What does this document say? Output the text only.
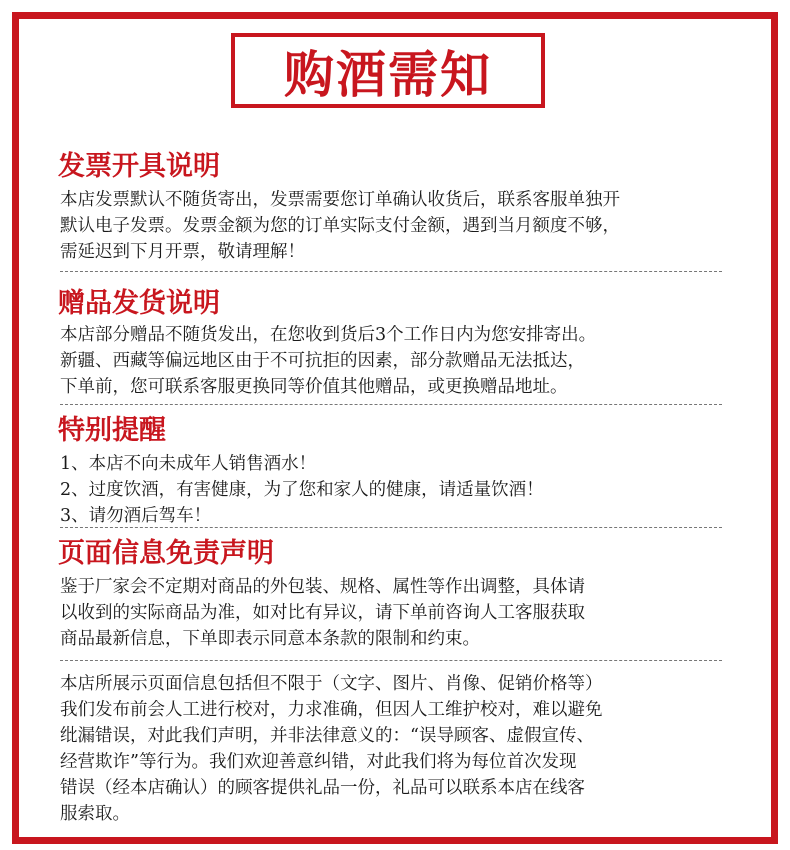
购酒需知
发票开具说明
本店发票默认不随货寄出，发票需要您订单确认收货后，联系客服单独开
默认电子发票。发票金额为您的订单实际支付金额，遇到当月额度不够，
需延迟到下月开票，敬请理解！
赠品发货说明
本店部分赠品不随货发出，在您收到货后3个工作日内为您安排寄出。
新疆、西藏等偏远地区由于不可抗拒的因素，部分款赠品无法抵达，
下单前，您可联系客服更换同等价值其他赠品，或更换赠品地址。
特别提醒
1、本店不向未成年人销售酒水！
2、过度饮酒，有害健康，为了您和家人的健康，请适量饮酒！
3、请勿酒后驾车！
页面信息免责声明
鉴于厂家会不定期对商品的外包装、规格、属性等作出调整，具体请
以收到的实际商品为准，如对比有异议，请下单前咨询人工客服获取
商品最新信息，下单即表示同意本条款的限制和约束。
本店所展示页面信息包括但不限于（文字、图片、肖像、促销价格等）
我们发布前会人工进行校对，力求准确，但因人工维护校对，难以避免
纰漏错误，对此我们声明，并非法律意义的：“误导顾客、虚假宣传、
经营欺诈”等行为。我们欢迎善意纠错，对此我们将为每位首次发现
错误（经本店确认）的顾客提供礼品一份，礼品可以联系本店在线客
服索取。
